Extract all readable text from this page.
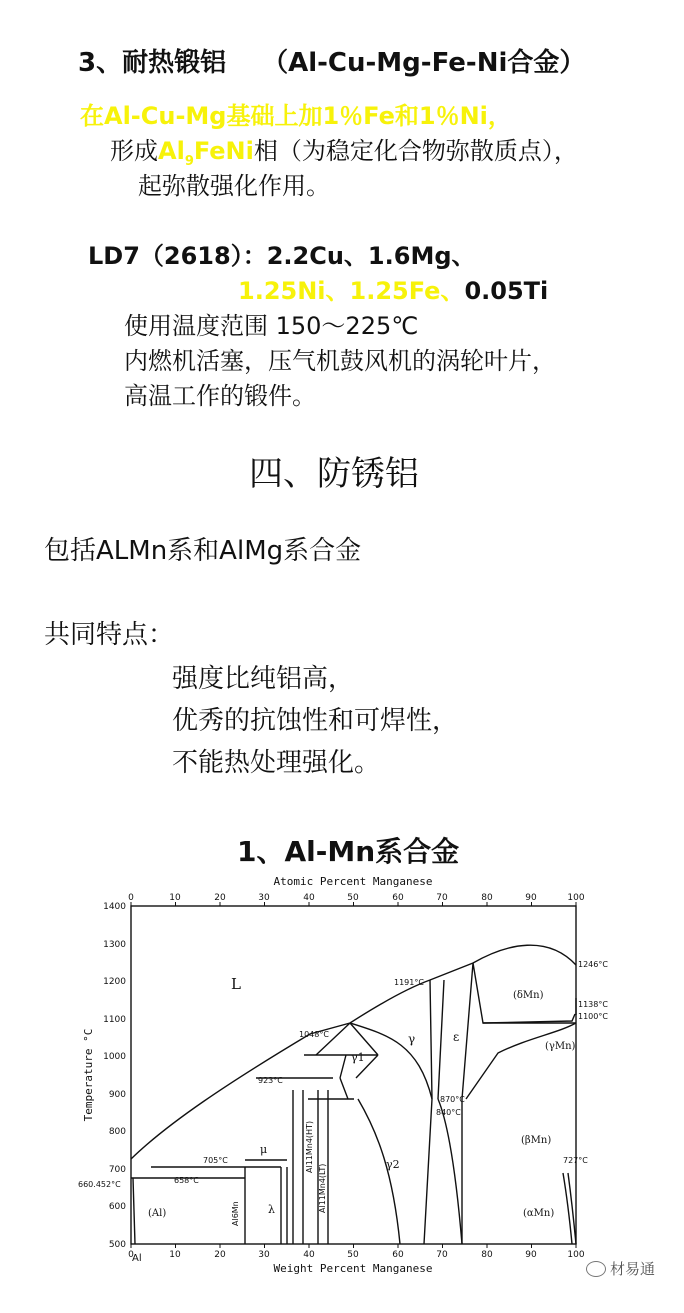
3、耐热锻铝 （Al-Cu-Mg-Fe-Ni合金）
在Al-Cu-Mg基础上加1％Fe和1％Ni，
形成$Al_9FeNi$相（为稳定化合物弥散质点），
起弥散强化作用。
LD7（2618）：2.2Cu、1.6Mg、
1.25Ni、1.25Fe、0.05Ti
使用温度范围 150～225℃
内燃机活塞，压气机鼓风机的涡轮叶片，
高温工作的锻件。
四、防锈铝
包括ALMn系和AlMg系合金
共同特点：
强度比纯铝高，
优秀的抗蚀性和可焊性，
不能热处理强化。
1、Al-Mn系合金
Atomic Percent Manganese
Weight Percent Manganese
Temperature °C
Al
0	10	20	30	40	50	60	70	80	90	100
0	10	20	30	40	50	60	70	80	90	100
500
600
700
800
900
1000
1100
1200
1300
1400
L	1191°C
1246°C
1138°C
1100°C
1048°C
923°C
870°C
840°C
705°C
658°C
660.452°C
727°C
(δMn)
(γMn)
(βMn)
(αMn)
(Al)
ε
γ
γ1
γ2
μ
λ
Al6Mn
Al11Mn4(HT)
Al11Mn4(LT)
材易通
